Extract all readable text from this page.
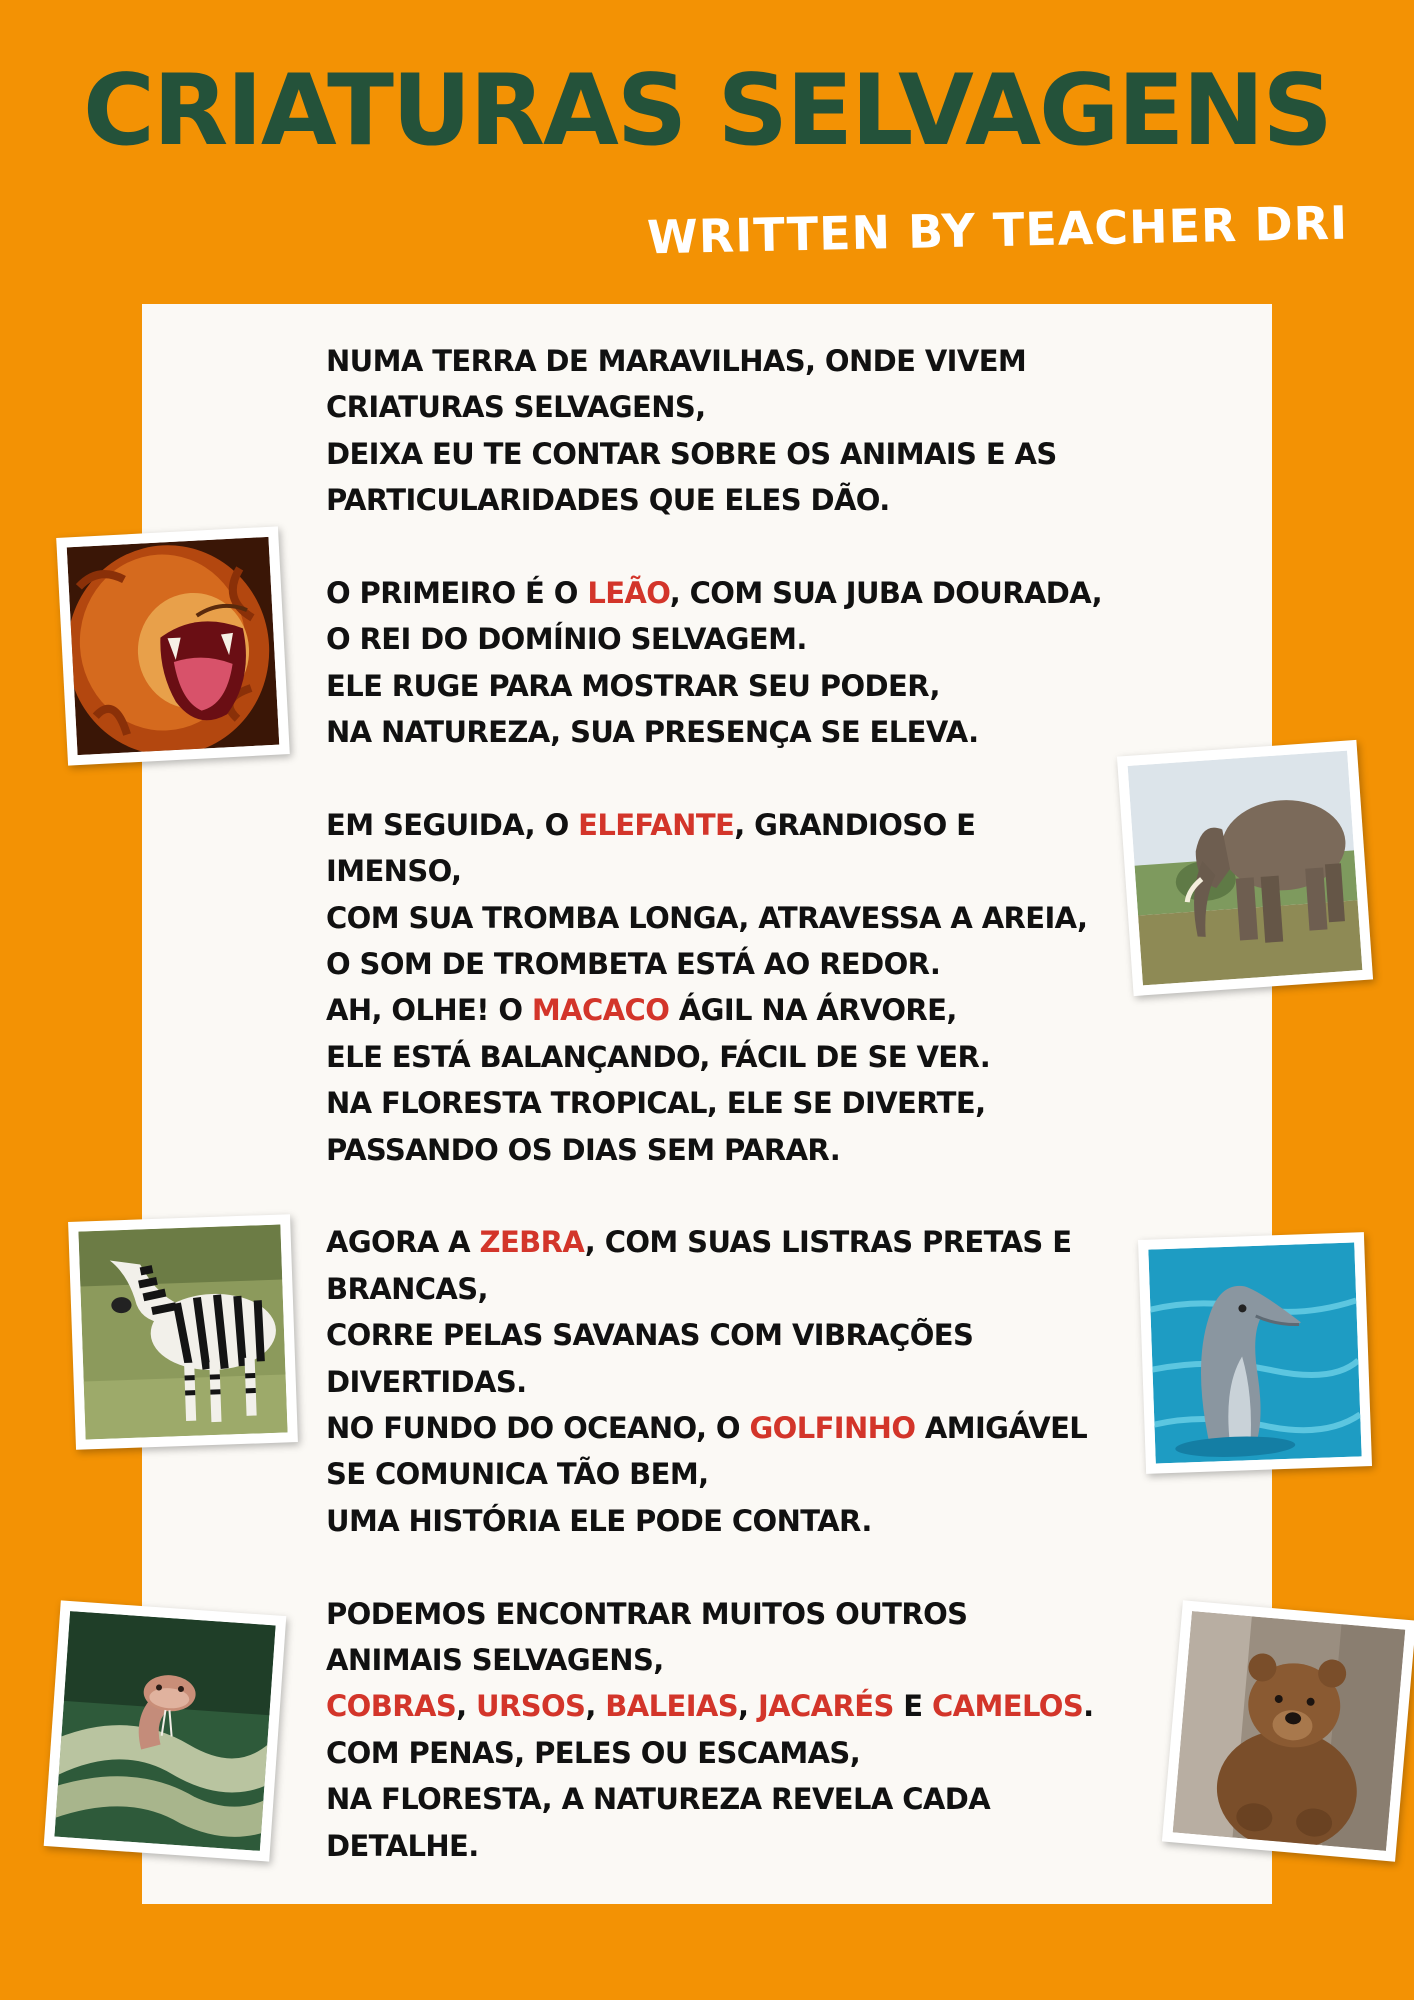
CRIATURAS SELVAGENS
WRITTEN BY TEACHER DRI
NUMA TERRA DE MARAVILHAS, ONDE VIVEM
CRIATURAS SELVAGENS,
DEIXA EU TE CONTAR SOBRE OS ANIMAIS E AS
PARTICULARIDADES QUE ELES DÃO.
O PRIMEIRO É O LEÃO, COM SUA JUBA DOURADA,
O REI DO DOMÍNIO SELVAGEM.
ELE RUGE PARA MOSTRAR SEU PODER,
NA NATUREZA, SUA PRESENÇA SE ELEVA.
EM SEGUIDA, O ELEFANTE, GRANDIOSO E
IMENSO,
COM SUA TROMBA LONGA, ATRAVESSA A AREIA,
O SOM DE TROMBETA ESTÁ AO REDOR.
AH, OLHE! O MACACO ÁGIL NA ÁRVORE,
ELE ESTÁ BALANÇANDO, FÁCIL DE SE VER.
NA FLORESTA TROPICAL, ELE SE DIVERTE,
PASSANDO OS DIAS SEM PARAR.
AGORA A ZEBRA, COM SUAS LISTRAS PRETAS E
BRANCAS,
CORRE PELAS SAVANAS COM VIBRAÇÕES
DIVERTIDAS.
NO FUNDO DO OCEANO, O GOLFINHO AMIGÁVEL
SE COMUNICA TÃO BEM,
UMA HISTÓRIA ELE PODE CONTAR.
PODEMOS ENCONTRAR MUITOS OUTROS
ANIMAIS SELVAGENS,
COBRAS, URSOS, BALEIAS, JACARÉS E CAMELOS.
COM PENAS, PELES OU ESCAMAS,
NA FLORESTA, A NATUREZA REVELA CADA
DETALHE.
